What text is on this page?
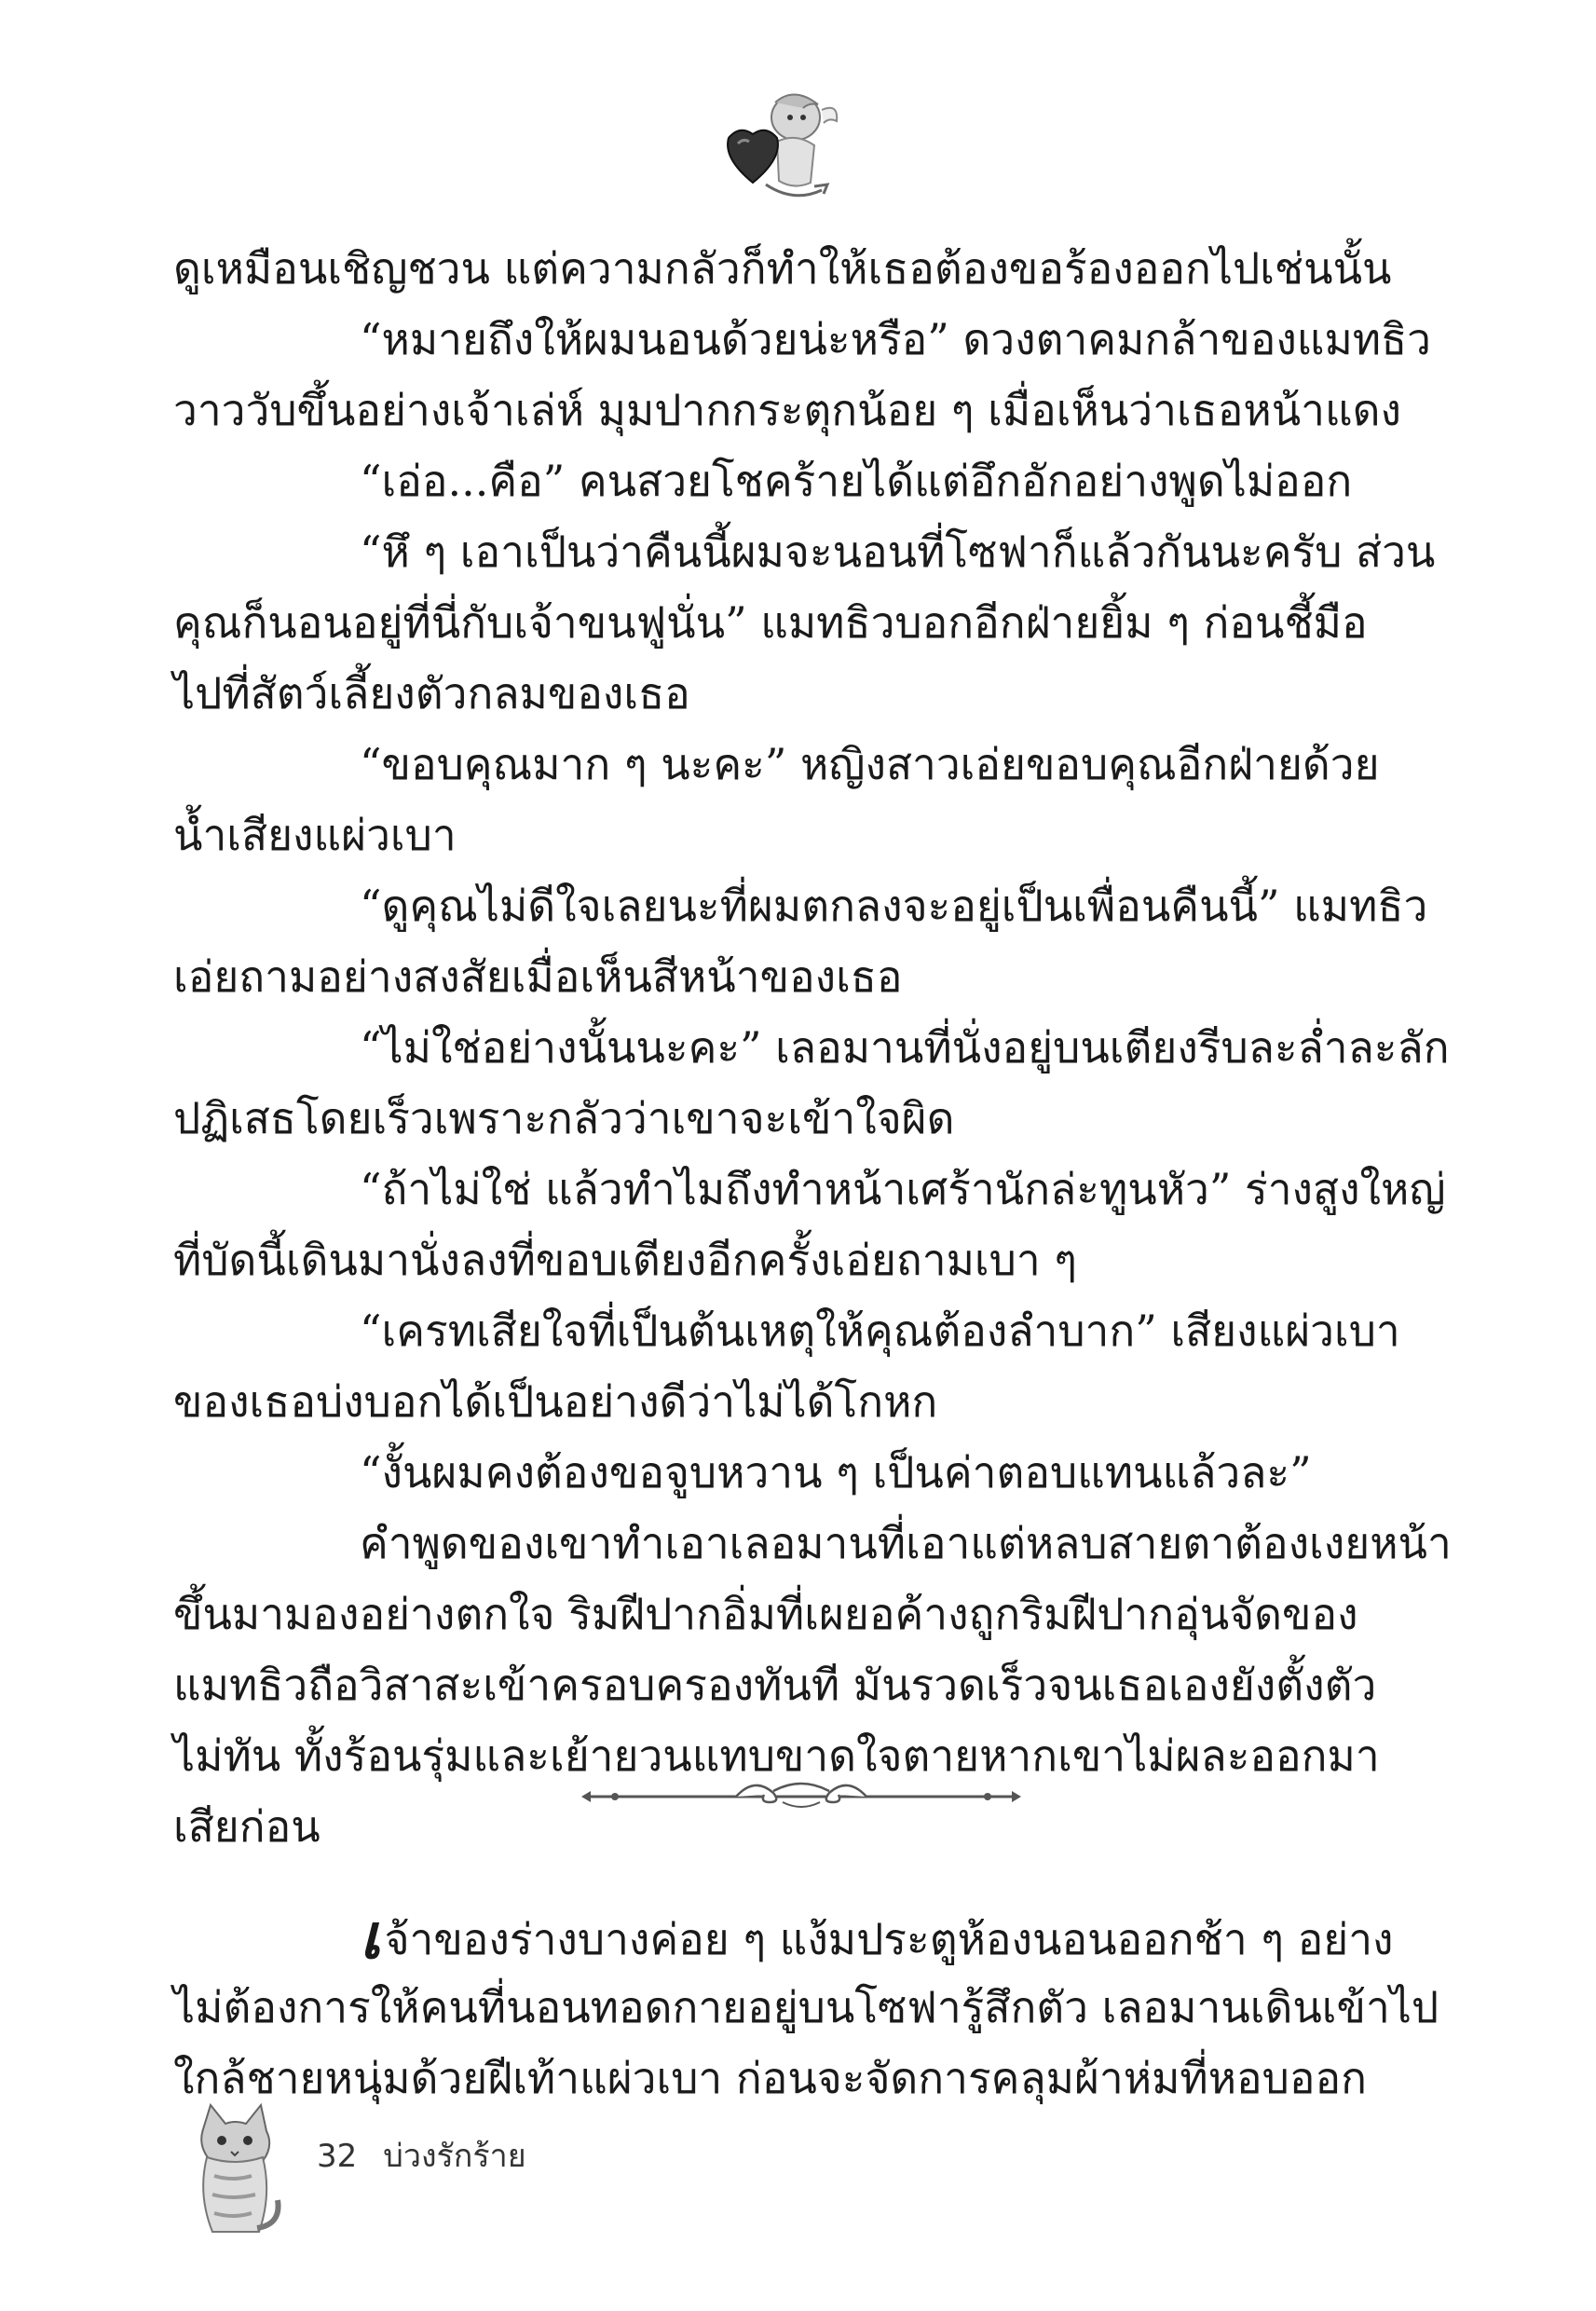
ดูเหมือนเชิญชวน แต่ความกลัวก็ทำให้เธอต้องขอร้องออกไปเช่นนั้น
“หมายถึงให้ผมนอนด้วยน่ะหรือ” ดวงตาคมกล้าของแมทธิว
วาววับขึ้นอย่างเจ้าเล่ห์ มุมปากกระตุกน้อย ๆ เมื่อเห็นว่าเธอหน้าแดง
“เอ่อ...คือ” คนสวยโชคร้ายได้แต่อึกอักอย่างพูดไม่ออก
“หึ ๆ เอาเป็นว่าคืนนี้ผมจะนอนที่โซฟาก็แล้วกันนะครับ ส่วน
คุณก็นอนอยู่ที่นี่กับเจ้าขนฟูนั่น” แมทธิวบอกอีกฝ่ายยิ้ม ๆ ก่อนชี้มือ
ไปที่สัตว์เลี้ยงตัวกลมของเธอ
“ขอบคุณมาก ๆ นะคะ” หญิงสาวเอ่ยขอบคุณอีกฝ่ายด้วย
น้ำเสียงแผ่วเบา
“ดูคุณไม่ดีใจเลยนะที่ผมตกลงจะอยู่เป็นเพื่อนคืนนี้” แมทธิว
เอ่ยถามอย่างสงสัยเมื่อเห็นสีหน้าของเธอ
“ไม่ใช่อย่างนั้นนะคะ” เลอมานที่นั่งอยู่บนเตียงรีบละล่ำละลัก
ปฏิเสธโดยเร็วเพราะกลัวว่าเขาจะเข้าใจผิด
“ถ้าไม่ใช่ แล้วทำไมถึงทำหน้าเศร้านักล่ะทูนหัว” ร่างสูงใหญ่
ที่บัดนี้เดินมานั่งลงที่ขอบเตียงอีกครั้งเอ่ยถามเบา ๆ
“เครทเสียใจที่เป็นต้นเหตุให้คุณต้องลำบาก” เสียงแผ่วเบา
ของเธอบ่งบอกได้เป็นอย่างดีว่าไม่ได้โกหก
“งั้นผมคงต้องขอจูบหวาน ๆ เป็นค่าตอบแทนแล้วละ”
คำพูดของเขาทำเอาเลอมานที่เอาแต่หลบสายตาต้องเงยหน้า
ขึ้นมามองอย่างตกใจ ริมฝีปากอิ่มที่เผยอค้างถูกริมฝีปากอุ่นจัดของ
แมทธิวถือวิสาสะเข้าครอบครองทันที มันรวดเร็วจนเธอเองยังตั้งตัว
ไม่ทัน ทั้งร้อนรุ่มและเย้ายวนแทบขาดใจตายหากเขาไม่ผละออกมา
เสียก่อน
เจ้าของร่างบางค่อย ๆ แง้มประตูห้องนอนออกช้า ๆ อย่าง
ไม่ต้องการให้คนที่นอนทอดกายอยู่บนโซฟารู้สึกตัว เลอมานเดินเข้าไป
ใกล้ชายหนุ่มด้วยฝีเท้าแผ่วเบา ก่อนจะจัดการคลุมผ้าห่มที่หอบออก
32 บ่วงรักร้าย
